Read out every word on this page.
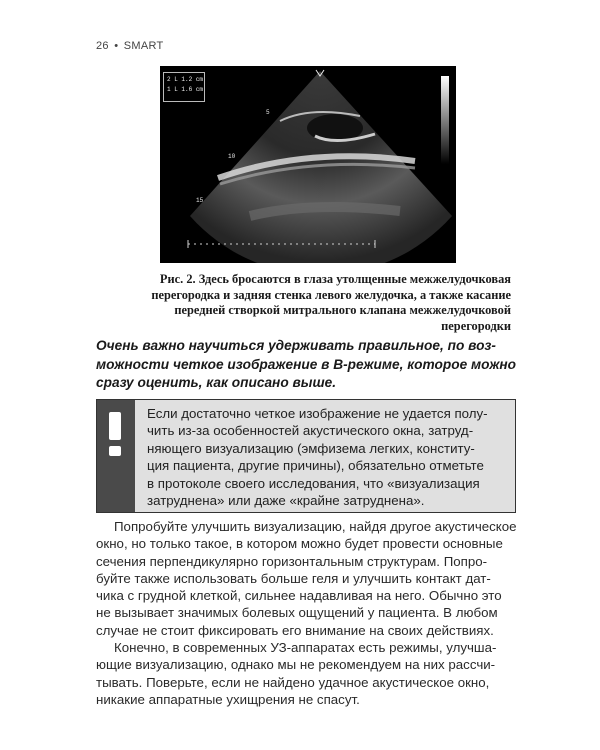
26 • SMART
2 L 1.2 cm
1 L 1.6 cm
5
10
15
Рис. 2. Здесь бросаются в глаза утолщенные межжелудочковая
перегородка и задняя стенка левого желудочка, а также касание
передней створкой митрального клапана межжелудочковой
перегородки
Очень важно научиться удерживать правильное, по воз-
можности четкое изображение в В-режиме, которое можно
сразу оценить, как описано выше.
Если достаточно четкое изображение не удается полу-
чить из-за особенностей акустического окна, затруд-
няющего визуализацию (эмфизема легких, конститу-
ция пациента, другие причины), обязательно отметьте
в протоколе своего исследования, что «визуализация
затруднена» или даже «крайне затруднена».
Попробуйте улучшить визуализацию, найдя другое акустическое
окно, но только такое, в котором можно будет провести основные
сечения перпендикулярно горизонтальным структурам. Попро-
буйте также использовать больше геля и улучшить контакт дат-
чика с грудной клеткой, сильнее надавливая на него. Обычно это
не вызывает значимых болевых ощущений у пациента. В любом
случае не стоит фиксировать его внимание на своих действиях.
Конечно, в современных УЗ-аппаратах есть режимы, улучша-
ющие визуализацию, однако мы не рекомендуем на них рассчи-
тывать. Поверьте, если не найдено удачное акустическое окно,
никакие аппаратные ухищрения не спасут.
